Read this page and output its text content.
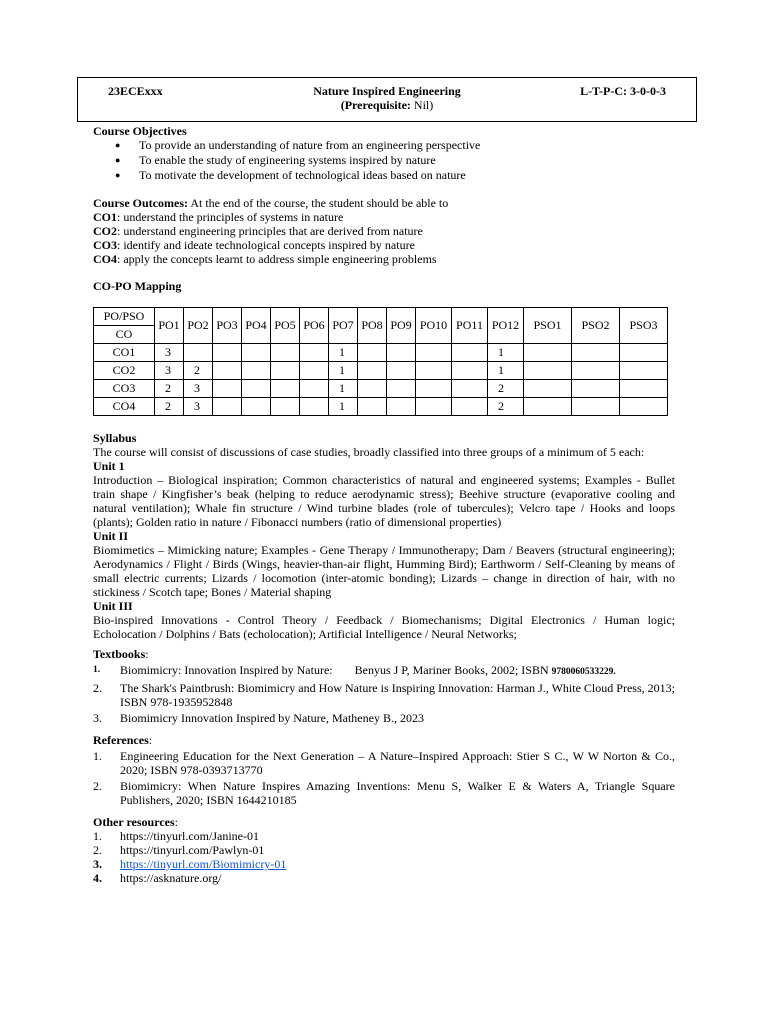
23ECExxx	Nature Inspired Engineering
(Prerequisite: Nil)
L-T-P-C: 3-0-0-3
Course Objectives
● To provide an understanding of nature from an engineering perspective
● To enable the study of engineering systems inspired by nature
● To motivate the development of technological ideas based on nature
Course Outcomes: At the end of the course, the student should be able to
CO1: understand the principles of systems in nature
CO2: understand engineering principles that are derived from nature
CO3: identify and ideate technological concepts inspired by nature
CO4: apply the concepts learnt to address simple engineering problems
CO-PO Mapping
PO/PSO	PO1	PO2	PO3	PO4	PO5	PO6	PO7	PO8	PO9	PO10	PO11	PO12	PSO1	PSO2	PSO3
CO															
CO1	3						1					1			
CO2	3	2					1					1			
CO3	2	3					1					2			
CO4	2	3					1					2			
Syllabus
The course will consist of discussions of case studies, broadly classified into three groups of a minimum of 5 each:
Unit 1
Introduction – Biological inspiration; Common characteristics of natural and engineered systems; Examples - Bullet train shape / Kingfisher’s beak (helping to reduce aerodynamic stress); Beehive structure (evaporative cooling and natural ventilation); Whale fin structure / Wind turbine blades (role of tubercules); Velcro tape / Hooks and loops (plants); Golden ratio in nature / Fibonacci numbers (ratio of dimensional properties)
Unit II
Biomimetics – Mimicking nature; Examples - Gene Therapy / Immunotherapy; Dam / Beavers (structural engineering); Aerodynamics / Flight / Birds (Wings, heavier-than-air flight, Humming Bird); Earthworm / Self-Cleaning by means of small electric currents; Lizards / locomotion (inter-atomic bonding); Lizards – change in direction of hair, with no stickiness / Scotch tape; Bones / Material shaping
Unit III
Bio-inspired Innovations - Control Theory / Feedback / Biomechanisms; Digital Electronics / Human logic; Echolocation / Dolphins / Bats (echolocation); Artificial Intelligence / Neural Networks;
Textbooks:
1. Biomimicry: Innovation Inspired by Nature: Benyus J P, Mariner Books, 2002; ISBN 9780060533229.
2. The Shark's Paintbrush: Biomimicry and How Nature is Inspiring Innovation: Harman J., White Cloud Press, 2013; ISBN 978-1935952848
3. Biomimicry Innovation Inspired by Nature, Matheney B., 2023
References:
1. Engineering Education for the Next Generation – A Nature–Inspired Approach: Stier S C., W W Norton & Co., 2020; ISBN 978-0393713770
2. Biomimicry: When Nature Inspires Amazing Inventions: Menu S, Walker E & Waters A, Triangle Square Publishers, 2020; ISBN 1644210185
Other resources:
1. https://tinyurl.com/Janine-01
2. https://tinyurl.com/Pawlyn-01
3. https://tinyurl.com/Biomimicry-01
4. https://asknature.org/
